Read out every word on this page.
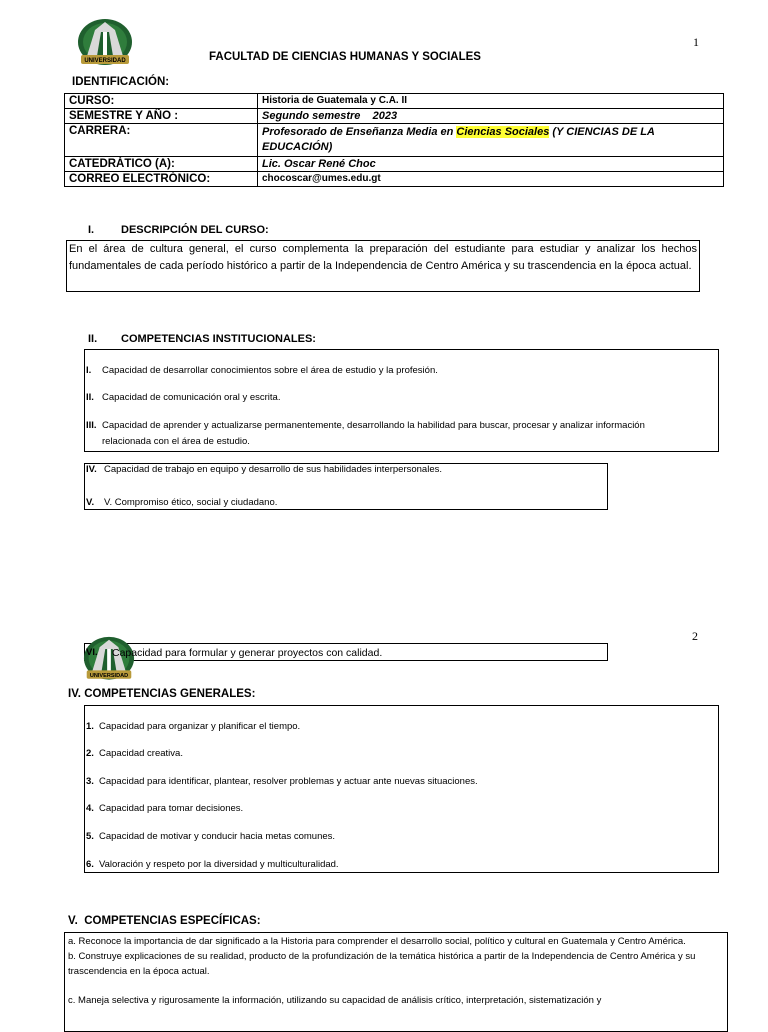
UNIVERSIDAD
1
FACULTAD DE CIENCIAS HUMANAS Y SOCIALES
IDENTIFICACIÓN:
CURSO:	Historia de Guatemala y C.A. II
SEMESTRE Y AÑO :	Segundo semestre    2023
CARRERA:	Profesorado de Enseñanza Media en Ciencias Sociales (Y CIENCIAS DE LA EDUCACIÓN)
CATEDRÁTICO (A):	Lic. Oscar René Choc
CORREO ELECTRÓNICO:	chocoscar@umes.edu.gt
I. DESCRIPCIÓN DEL CURSO:
En el área de cultura general, el curso complementa la preparación del estudiante para estudiar y analizar los hechos fundamentales de cada período histórico a partir de la Independencia de Centro América y su trascendencia en la época actual.
II. COMPETENCIAS INSTITUCIONALES:
I. Capacidad de desarrollar conocimientos sobre el área de estudio y la profesión.
II. Capacidad de comunicación oral y escrita.
III. Capacidad de aprender y actualizarse permanentemente, desarrollando la habilidad para buscar, procesar y analizar información
relacionada con el área de estudio.
IV. Capacidad de trabajo en equipo y desarrollo de sus habilidades interpersonales.
V. V. Compromiso ético, social y ciudadano.
2
UNIVERSIDAD
VI. Capacidad para formular y generar proyectos con calidad.
IV. COMPETENCIAS GENERALES:
1. Capacidad para organizar y planificar el tiempo.
2. Capacidad creativa.
3. Capacidad para identificar, plantear, resolver problemas y actuar ante nuevas situaciones.
4. Capacidad para tomar decisiones.
5. Capacidad de motivar y conducir hacia metas comunes.
6. Valoración y respeto por la diversidad y multiculturalidad.
V.  COMPETENCIAS ESPECÍFICAS:
a. Reconoce la importancia de dar significado a la Historia para comprender el desarrollo social, político y cultural en Guatemala y Centro América.
b. Construye explicaciones de su realidad, producto de la profundización de la temática histórica a partir de la Independencia de Centro América y su trascendencia en la época actual.
c. Maneja selectiva y rigurosamente la información, utilizando su capacidad de análisis crítico, interpretación, sistematización y
